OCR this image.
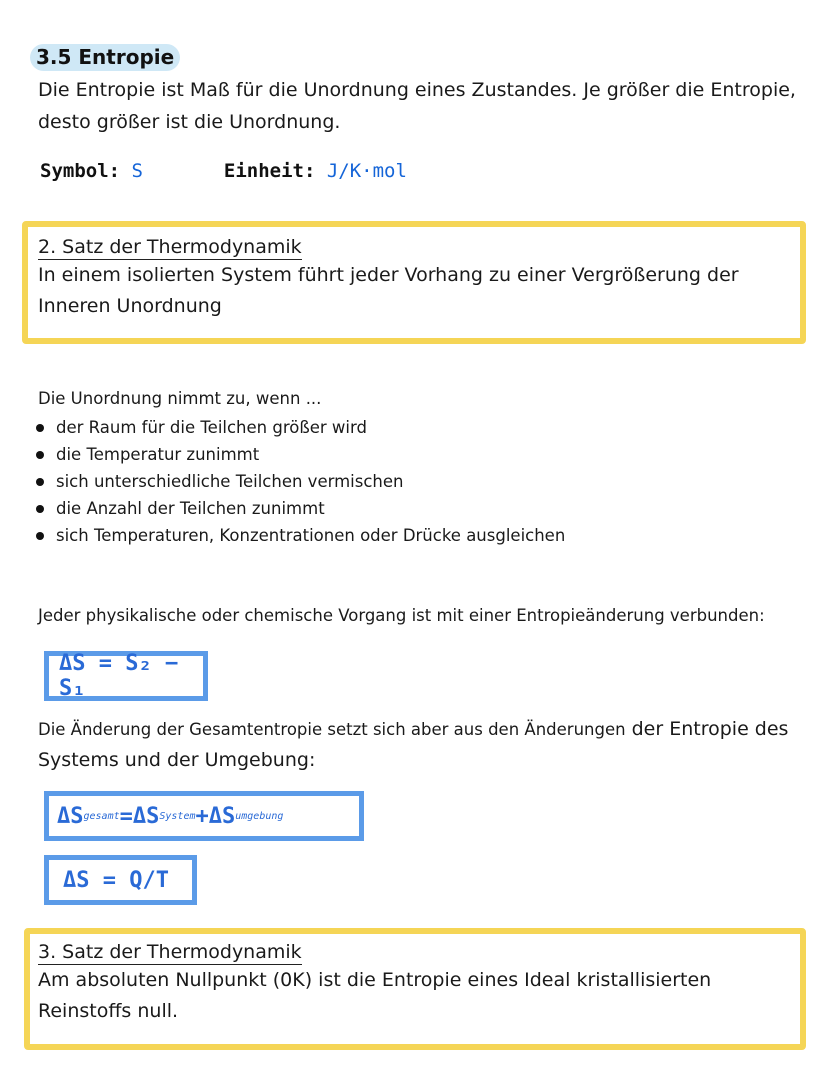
3.5 Entropie
Die Entropie ist Maß für die Unordnung eines Zustandes. Je größer die Entropie, desto größer ist die Unordnung.
Symbol: S	Einheit: J/K·mol
2. Satz der Thermodynamik
In einem isolierten System führt jeder Vorhang zu einer Vergrößerung der Inneren Unordnung
Die Unordnung nimmt zu, wenn ...
der Raum für die Teilchen größer wird
die Temperatur zunimmt
sich unterschiedliche Teilchen vermischen
die Anzahl der Teilchen zunimmt
sich Temperaturen, Konzentrationen oder Drücke ausgleichen
Jeder physikalische oder chemische Vorgang ist mit einer Entropieänderung verbunden:
ΔS = S₂ − S₁
Die Änderung der Gesamtentropie setzt sich aber aus den Änderungen der Entropie des Systems und der Umgebung:
ΔS gesamt = ΔS System + ΔS umgebung
ΔS = Q/T
3. Satz der Thermodynamik
Am absoluten Nullpunkt (0K) ist die Entropie eines Ideal kristallisierten Reinstoffs null.
